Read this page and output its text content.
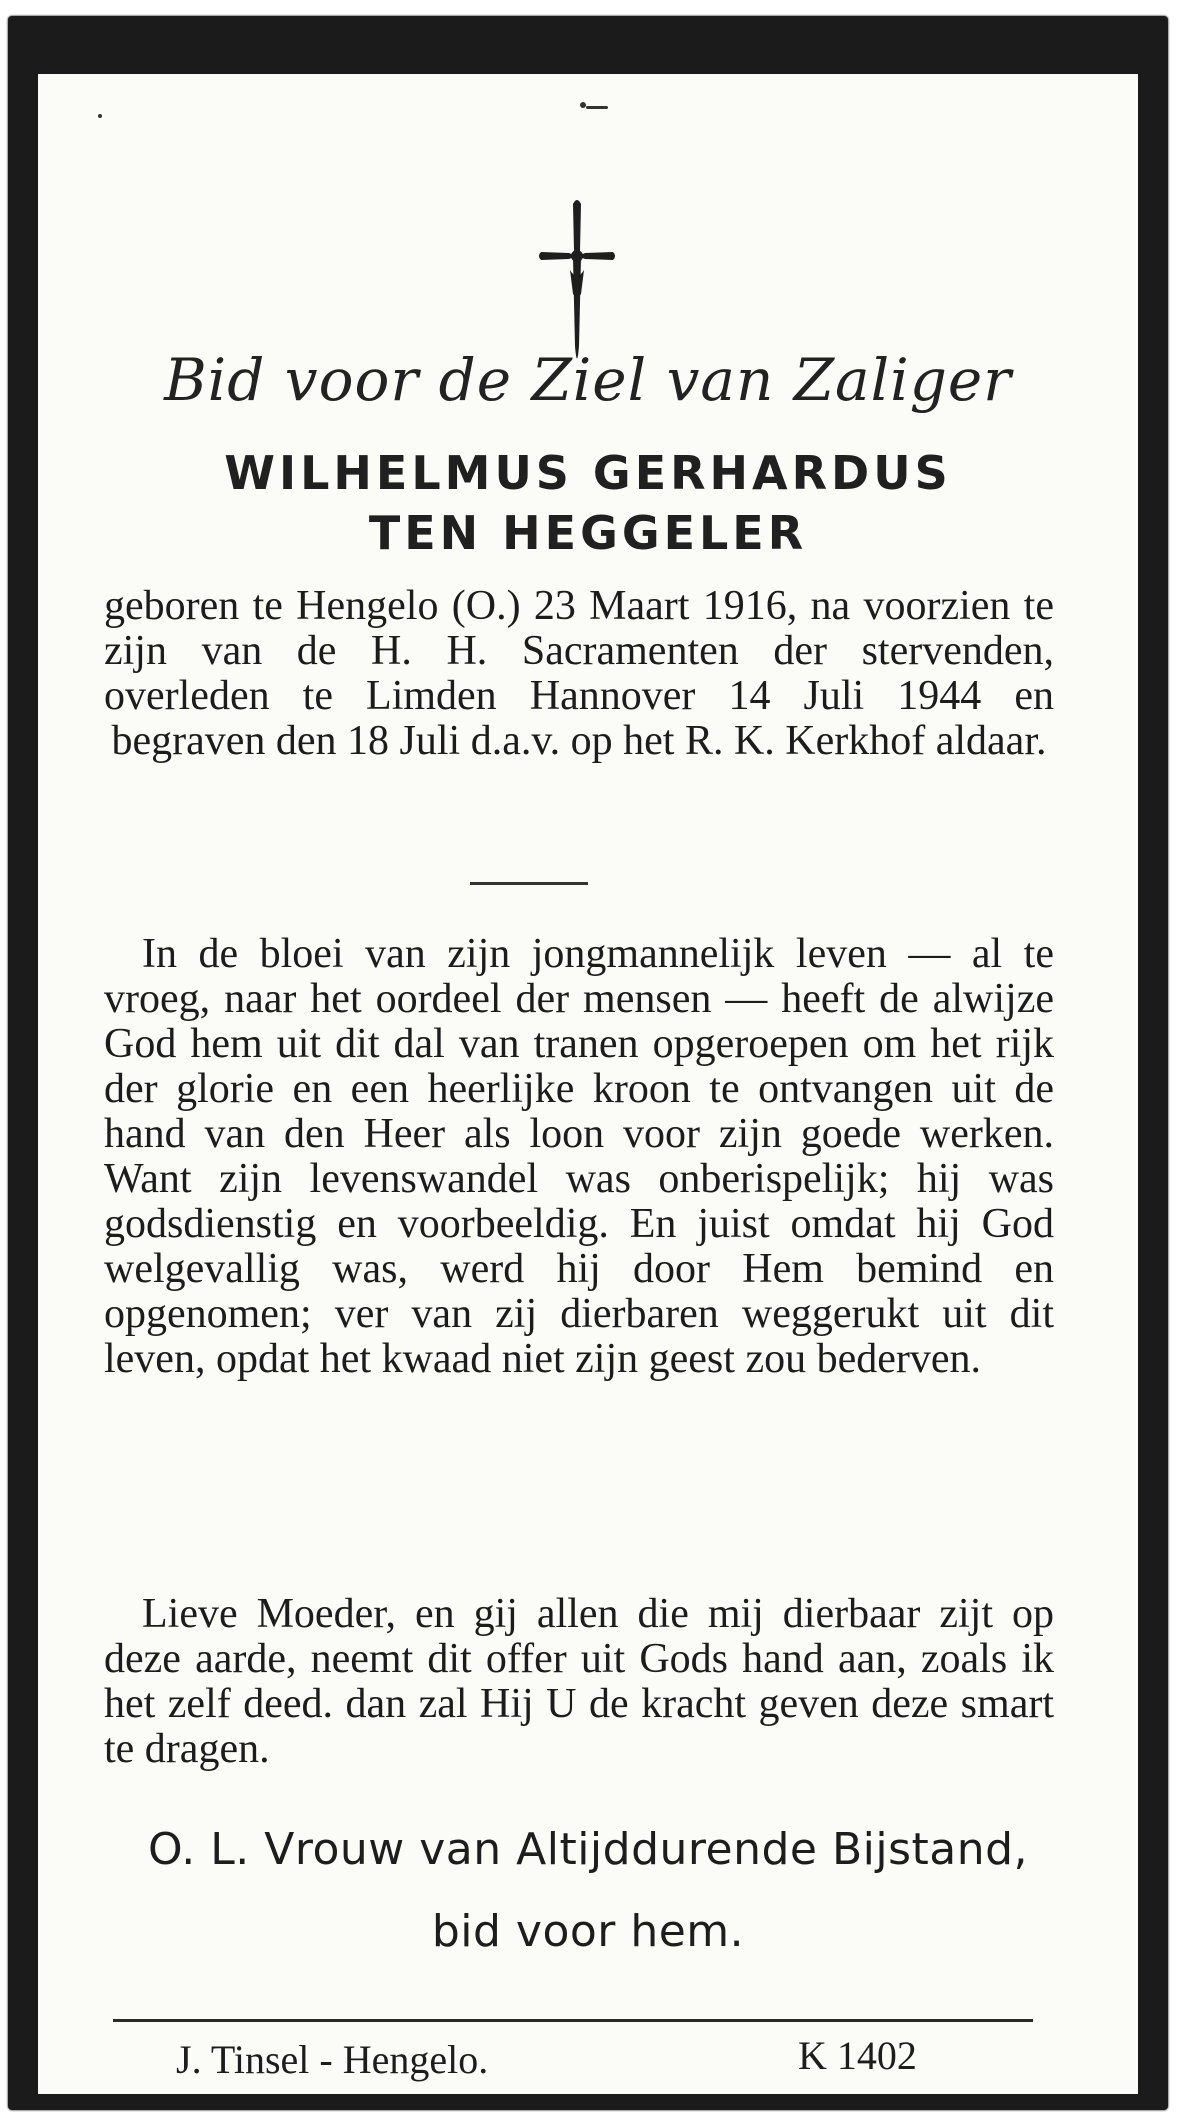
Bid voor de Ziel van Zaliger
WILHELMUS GERHARDUS
TEN HEGGELER
geboren te Hengelo (O.) 23 Maart 1916, na voorzien te zijn van de H. H. Sacramenten der stervenden, overleden te Limden Hannover 14 Juli 1944 en begraven den 18 Juli d.a.v. op het R. K. Kerkhof aldaar.

In de bloei van zijn jongmannelijk leven — al te vroeg, naar het oordeel der mensen — heeft de alwijze God hem uit dit dal van tranen opgeroepen om het rijk der glorie en een heerlijke kroon te ontvangen uit de hand van den Heer als loon voor zijn goede werken. Want zijn levenswandel was onberispelijk; hij was godsdienstig en voorbeeldig. En juist omdat hij God welgevallig was, werd hij door Hem bemind en opgenomen; ver van zij dierbaren weggerukt uit dit leven, opdat het kwaad niet zijn geest zou bederven.

Lieve Moeder, en gij allen die mij dierbaar zijt op deze aarde, neemt dit offer uit Gods hand aan, zoals ik het zelf deed. dan zal Hij U de kracht geven deze smart te dragen.

O. L. Vrouw van Altijddurende Bijstand,
bid voor hem.
J. Tinsel - Hengelo.	K 1402
